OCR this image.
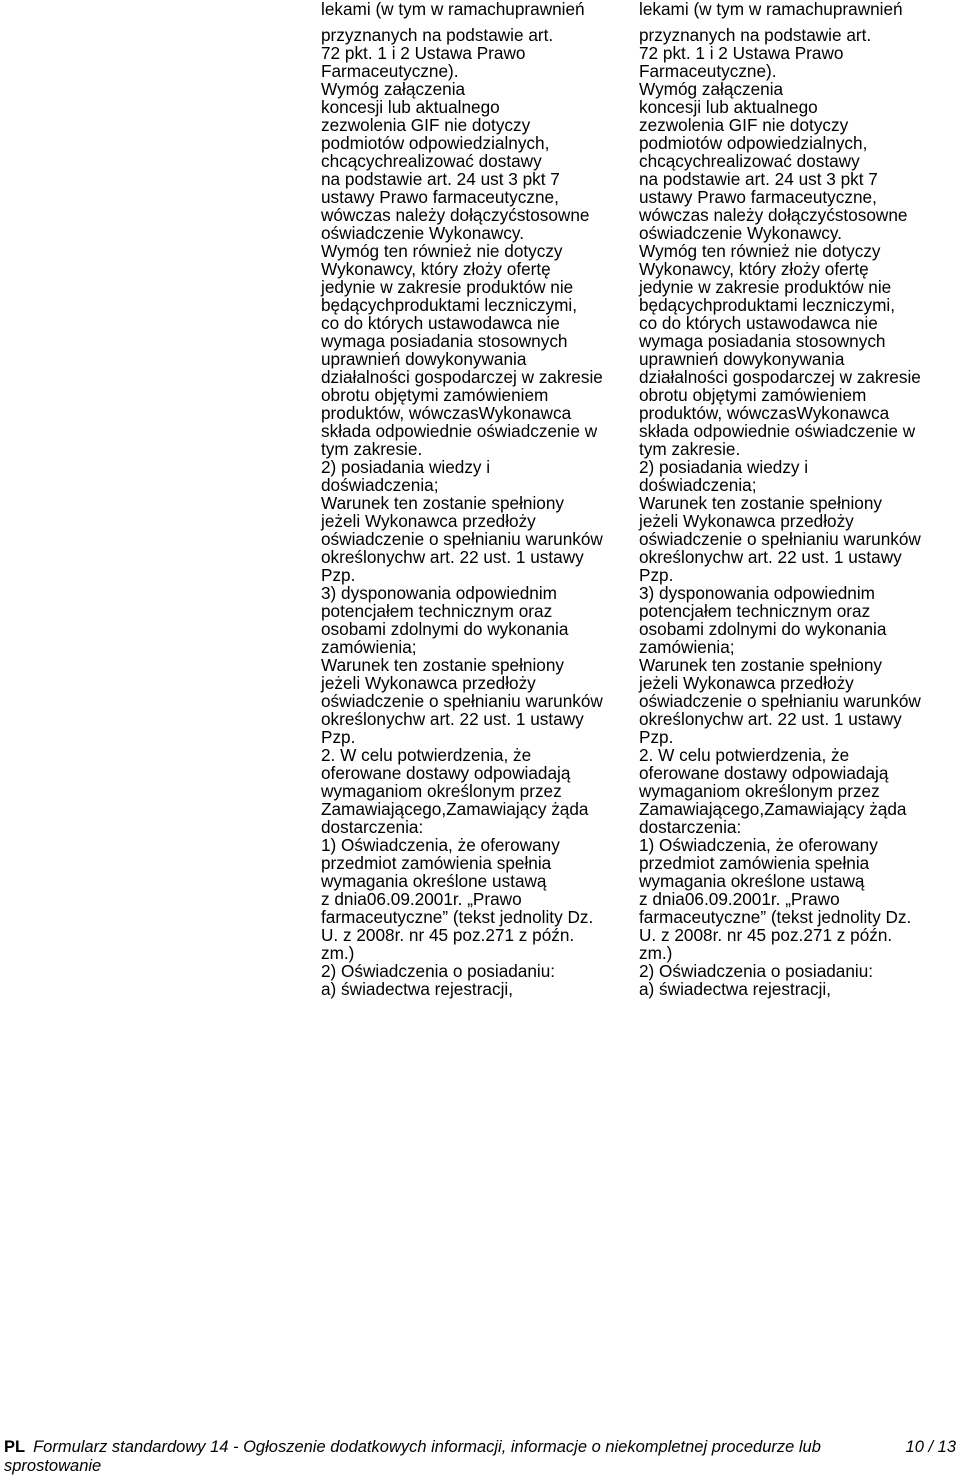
lekami (w tym w ramachuprawnień
przyznanych na podstawie art.
72 pkt. 1 i 2 Ustawa Prawo
Farmaceutyczne).
Wymóg załączenia
koncesji lub aktualnego
zezwolenia GIF nie dotyczy
podmiotów odpowiedzialnych,
chcącychrealizować dostawy
na podstawie art. 24 ust 3 pkt 7
ustawy Prawo farmaceutyczne,
wówczas należy dołączyćstosowne
oświadczenie Wykonawcy.
Wymóg ten również nie dotyczy
Wykonawcy, który złoży ofertę
jedynie w zakresie produktów nie
będącychproduktami leczniczymi,
co do których ustawodawca nie
wymaga posiadania stosownych
uprawnień dowykonywania
działalności gospodarczej w zakresie
obrotu objętymi zamówieniem
produktów, wówczasWykonawca
składa odpowiednie oświadczenie w
tym zakresie.
2) posiadania wiedzy i
doświadczenia;
Warunek ten zostanie spełniony
jeżeli Wykonawca przedłoży
oświadczenie o spełnianiu warunków
określonychw art. 22 ust. 1 ustawy
Pzp.
3) dysponowania odpowiednim
potencjałem technicznym oraz
osobami zdolnymi do wykonania
zamówienia;
Warunek ten zostanie spełniony
jeżeli Wykonawca przedłoży
oświadczenie o spełnianiu warunków
określonychw art. 22 ust. 1 ustawy
Pzp.
2. W celu potwierdzenia, że
oferowane dostawy odpowiadają
wymaganiom określonym przez
Zamawiającego,Zamawiający żąda
dostarczenia:
1) Oświadczenia, że oferowany
przedmiot zamówienia spełnia
wymagania określone ustawą
z dnia06.09.2001r. „Prawo
farmaceutyczne” (tekst jednolity Dz.
U. z 2008r. nr 45 poz.271 z późn.
zm.)
2) Oświadczenia o posiadaniu:
a) świadectwa rejestracji,
lekami (w tym w ramachuprawnień
przyznanych na podstawie art.
72 pkt. 1 i 2 Ustawa Prawo
Farmaceutyczne).
Wymóg załączenia
koncesji lub aktualnego
zezwolenia GIF nie dotyczy
podmiotów odpowiedzialnych,
chcącychrealizować dostawy
na podstawie art. 24 ust 3 pkt 7
ustawy Prawo farmaceutyczne,
wówczas należy dołączyćstosowne
oświadczenie Wykonawcy.
Wymóg ten również nie dotyczy
Wykonawcy, który złoży ofertę
jedynie w zakresie produktów nie
będącychproduktami leczniczymi,
co do których ustawodawca nie
wymaga posiadania stosownych
uprawnień dowykonywania
działalności gospodarczej w zakresie
obrotu objętymi zamówieniem
produktów, wówczasWykonawca
składa odpowiednie oświadczenie w
tym zakresie.
2) posiadania wiedzy i
doświadczenia;
Warunek ten zostanie spełniony
jeżeli Wykonawca przedłoży
oświadczenie o spełnianiu warunków
określonychw art. 22 ust. 1 ustawy
Pzp.
3) dysponowania odpowiednim
potencjałem technicznym oraz
osobami zdolnymi do wykonania
zamówienia;
Warunek ten zostanie spełniony
jeżeli Wykonawca przedłoży
oświadczenie o spełnianiu warunków
określonychw art. 22 ust. 1 ustawy
Pzp.
2. W celu potwierdzenia, że
oferowane dostawy odpowiadają
wymaganiom określonym przez
Zamawiającego,Zamawiający żąda
dostarczenia:
1) Oświadczenia, że oferowany
przedmiot zamówienia spełnia
wymagania określone ustawą
z dnia06.09.2001r. „Prawo
farmaceutyczne” (tekst jednolity Dz.
U. z 2008r. nr 45 poz.271 z późn.
zm.)
2) Oświadczenia o posiadaniu:
a) świadectwa rejestracji,
PL Formularz standardowy 14 - Ogłoszenie dodatkowych informacji, informacje o niekompletnej procedurze lub
sprostowanie
10 / 13
